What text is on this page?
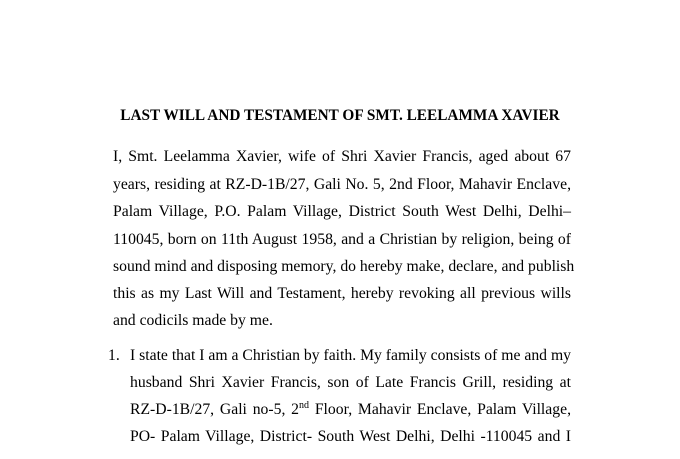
LAST WILL AND TESTAMENT OF SMT. LEELAMMA XAVIER
I, Smt. Leelamma Xavier, wife of Shri Xavier Francis, aged about 67
years, residing at RZ-D-1B/27, Gali No. 5, 2nd Floor, Mahavir Enclave,
Palam Village, P.O. Palam Village, District South West Delhi, Delhi–
110045, born on 11th August 1958, and a Christian by religion, being of
sound mind and disposing memory, do hereby make, declare, and publish
this as my Last Will and Testament, hereby revoking all previous wills
and codicils made by me.
1. I state that I am a Christian by faith. My family consists of me and my
husband Shri Xavier Francis, son of Late Francis Grill, residing at
RZ-D-1B/27, Gali no-5, 2nd Floor, Mahavir Enclave, Palam Village,
PO- Palam Village, District- South West Delhi, Delhi -110045 and I
